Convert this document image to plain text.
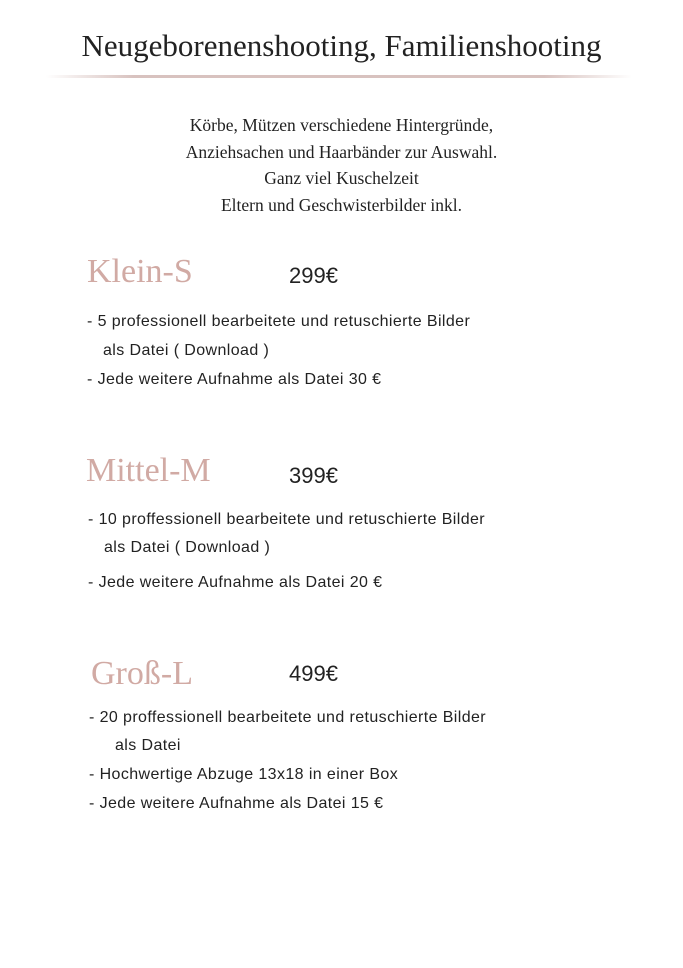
Neugeborenenshooting, Familienshooting
Körbe, Mützen verschiedene Hintergründe,
Anziehsachen und Haarbänder zur Auswahl.
Ganz viel Kuschelzeit
Eltern und Geschwisterbilder inkl.
Klein-S	299€
- 5 professionell bearbeitete und retuschierte Bilder
als Datei ( Download )
- Jede weitere Aufnahme als Datei 30 €
Mittel-M	399€
- 10 proffessionell bearbeitete und retuschierte Bilder
als Datei ( Download )
- Jede weitere Aufnahme als Datei 20 €
Groß-L	499€
- 20 proffessionell bearbeitete und retuschierte Bilder
als Datei
- Hochwertige Abzuge 13x18 in einer Box
- Jede weitere Aufnahme als Datei 15 €
